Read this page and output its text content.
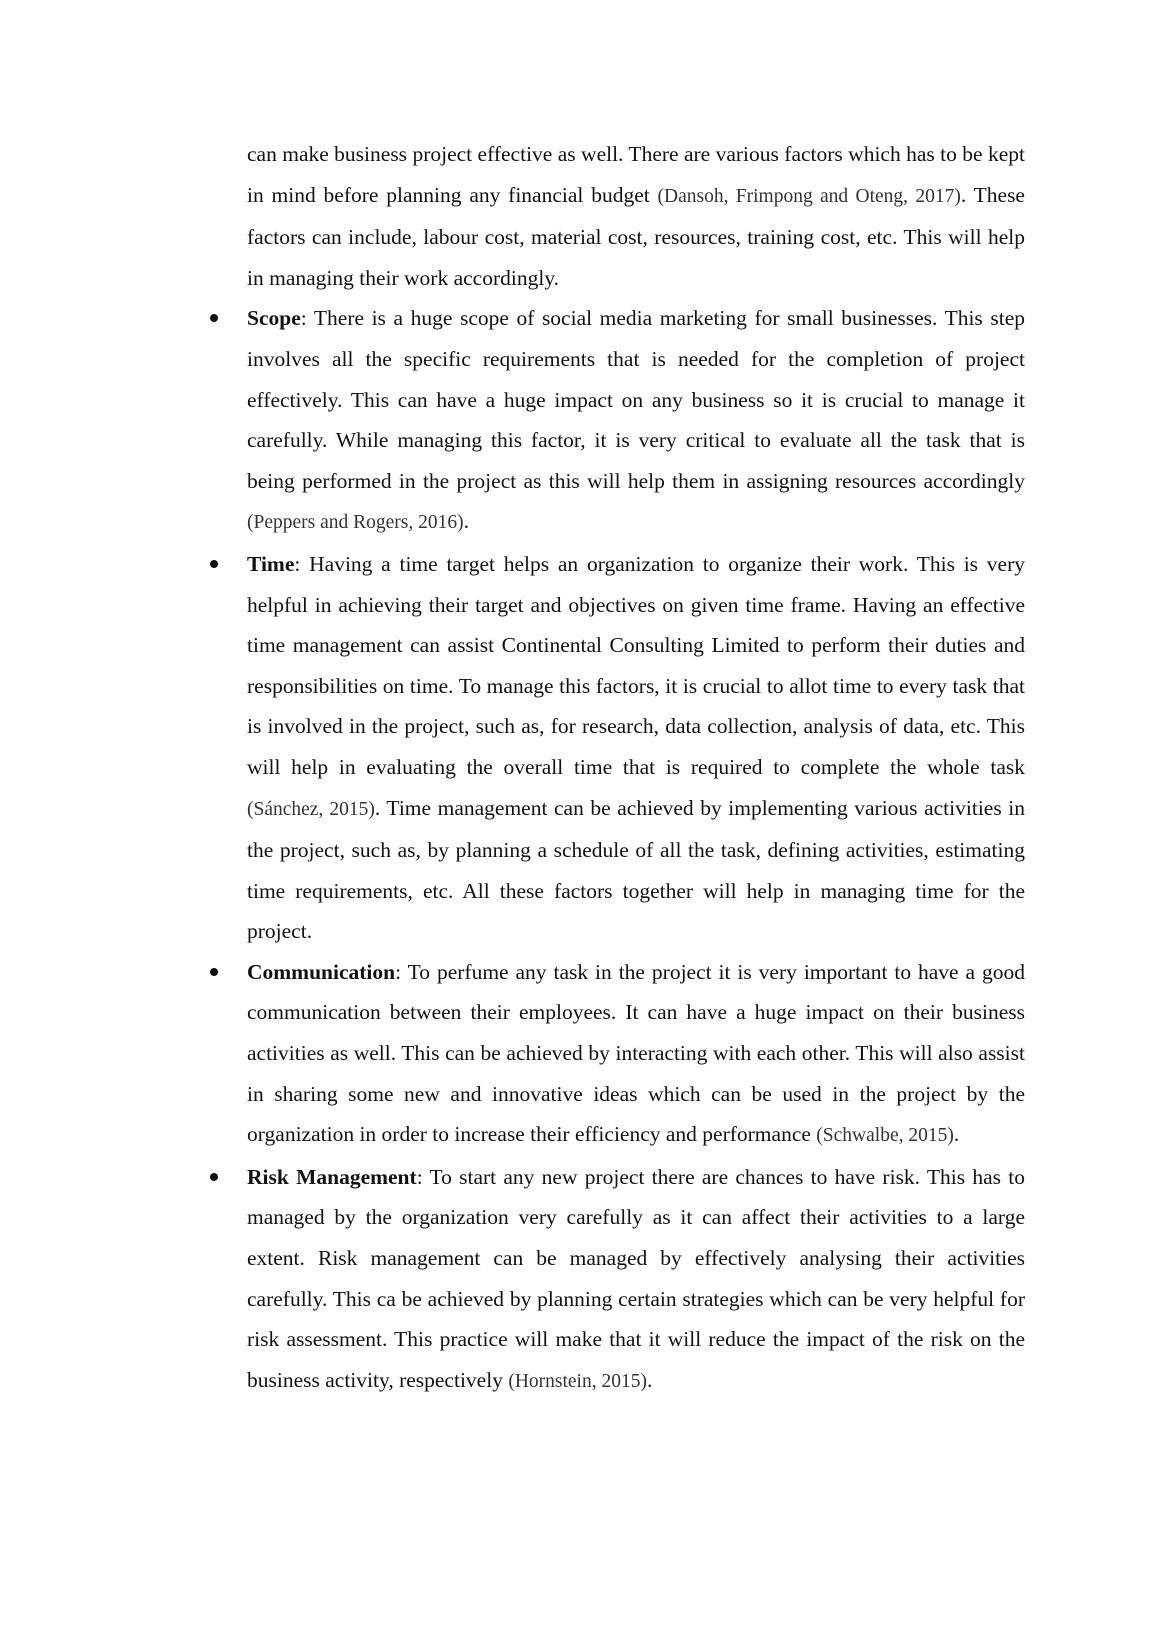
can make business project effective as well. There are various factors which has to be kept in mind before planning any financial budget (Dansoh, Frimpong and Oteng, 2017). These factors can include, labour cost, material cost, resources, training cost, etc. This will help in managing their work accordingly.

Scope: There is a huge scope of social media marketing for small businesses. This step involves all the specific requirements that is needed for the completion of project effectively. This can have a huge impact on any business so it is crucial to manage it carefully. While managing this factor, it is very critical to evaluate all the task that is being performed in the project as this will help them in assigning resources accordingly (Peppers and Rogers, 2016).
Time: Having a time target helps an organization to organize their work. This is very helpful in achieving their target and objectives on given time frame. Having an effective time management can assist Continental Consulting Limited to perform their duties and responsibilities on time. To manage this factors, it is crucial to allot time to every task that is involved in the project, such as, for research, data collection, analysis of data, etc. This will help in evaluating the overall time that is required to complete the whole task (Sánchez, 2015). Time management can be achieved by implementing various activities in the project, such as, by planning a schedule of all the task, defining activities, estimating time requirements, etc. All these factors together will help in managing time for the project.
Communication: To perfume any task in the project it is very important to have a good communication between their employees. It can have a huge impact on their business activities as well. This can be achieved by interacting with each other. This will also assist in sharing some new and innovative ideas which can be used in the project by the organization in order to increase their efficiency and performance (Schwalbe, 2015).
Risk Management: To start any new project there are chances to have risk. This has to managed by the organization very carefully as it can affect their activities to a large extent. Risk management can be managed by effectively analysing their activities carefully. This ca be achieved by planning certain strategies which can be very helpful for risk assessment. This practice will make that it will reduce the impact of the risk on the business activity, respectively (Hornstein, 2015).
